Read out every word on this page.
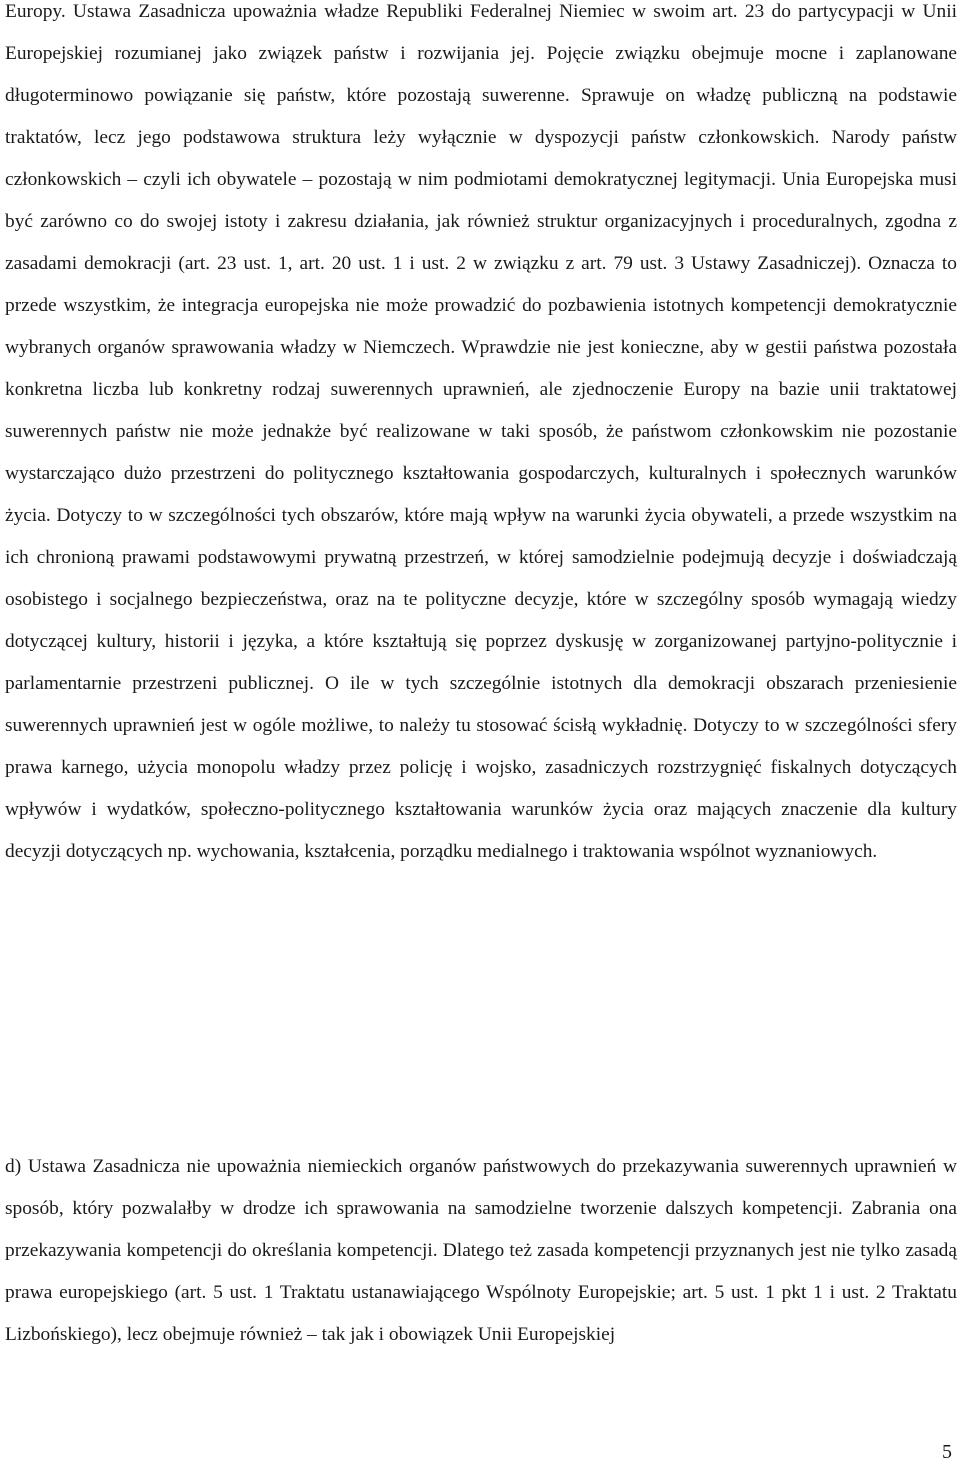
Europy. Ustawa Zasadnicza upoważnia władze Republiki Federalnej Niemiec w swoim art. 23 do partycypacji w Unii Europejskiej rozumianej jako związek państw i rozwijania jej. Pojęcie związku obejmuje mocne i zaplanowane długoterminowo powiązanie się państw, które pozostają suwerenne. Sprawuje on władzę publiczną na podstawie traktatów, lecz jego podstawowa struktura leży wyłącznie w dyspozycji państw członkowskich. Narody państw członkowskich – czyli ich obywatele – pozostają w nim podmiotami demokratycznej legitymacji. Unia Europejska musi być zarówno co do swojej istoty i zakresu działania, jak również struktur organizacyjnych i proceduralnych, zgodna z zasadami demokracji (art. 23 ust. 1, art. 20 ust. 1 i ust. 2 w związku z art. 79 ust. 3 Ustawy Zasadniczej). Oznacza to przede wszystkim, że integracja europejska nie może prowadzić do pozbawienia istotnych kompetencji demokratycznie wybranych organów sprawowania władzy w Niemczech. Wprawdzie nie jest konieczne, aby w gestii państwa pozostała konkretna liczba lub konkretny rodzaj suwerennych uprawnień, ale zjednoczenie Europy na bazie unii traktatowej suwerennych państw nie może jednakże być realizowane w taki sposób, że państwom członkowskim nie pozostanie wystarczająco dużo przestrzeni do politycznego kształtowania gospodarczych, kulturalnych i społecznych warunków życia. Dotyczy to w szczególności tych obszarów, które mają wpływ na warunki życia obywateli, a przede wszystkim na ich chronioną prawami podstawowymi prywatną przestrzeń, w której samodzielnie podejmują decyzje i doświadczają osobistego i socjalnego bezpieczeństwa, oraz na te polityczne decyzje, które w szczególny sposób wymagają wiedzy dotyczącej kultury, historii i języka, a które kształtują się poprzez dyskusję w zorganizowanej partyjno-politycznie i parlamentarnie przestrzeni publicznej. O ile w tych szczególnie istotnych dla demokracji obszarach przeniesienie suwerennych uprawnień jest w ogóle możliwe, to należy tu stosować ścisłą wykładnię. Dotyczy to w szczególności sfery prawa karnego, użycia monopolu władzy przez policję i wojsko, zasadniczych rozstrzygnięć fiskalnych dotyczących wpływów i wydatków, społeczno-politycznego kształtowania warunków życia oraz mających znaczenie dla kultury decyzji dotyczących np. wychowania, kształcenia, porządku medialnego i traktowania wspólnot wyznaniowych.

d) Ustawa Zasadnicza nie upoważnia niemieckich organów państwowych do przekazywania suwerennych uprawnień w sposób, który pozwalałby w drodze ich sprawowania na samodzielne tworzenie dalszych kompetencji. Zabrania ona przekazywania kompetencji do określania kompetencji. Dlatego też zasada kompetencji przyznanych jest nie tylko zasadą prawa europejskiego (art. 5 ust. 1 Traktatu ustanawiającego Wspólnoty Europejskie; art. 5 ust. 1 pkt 1 i ust. 2 Traktatu Lizbońskiego), lecz obejmuje również – tak jak i obowiązek Unii Europejskiej

5
